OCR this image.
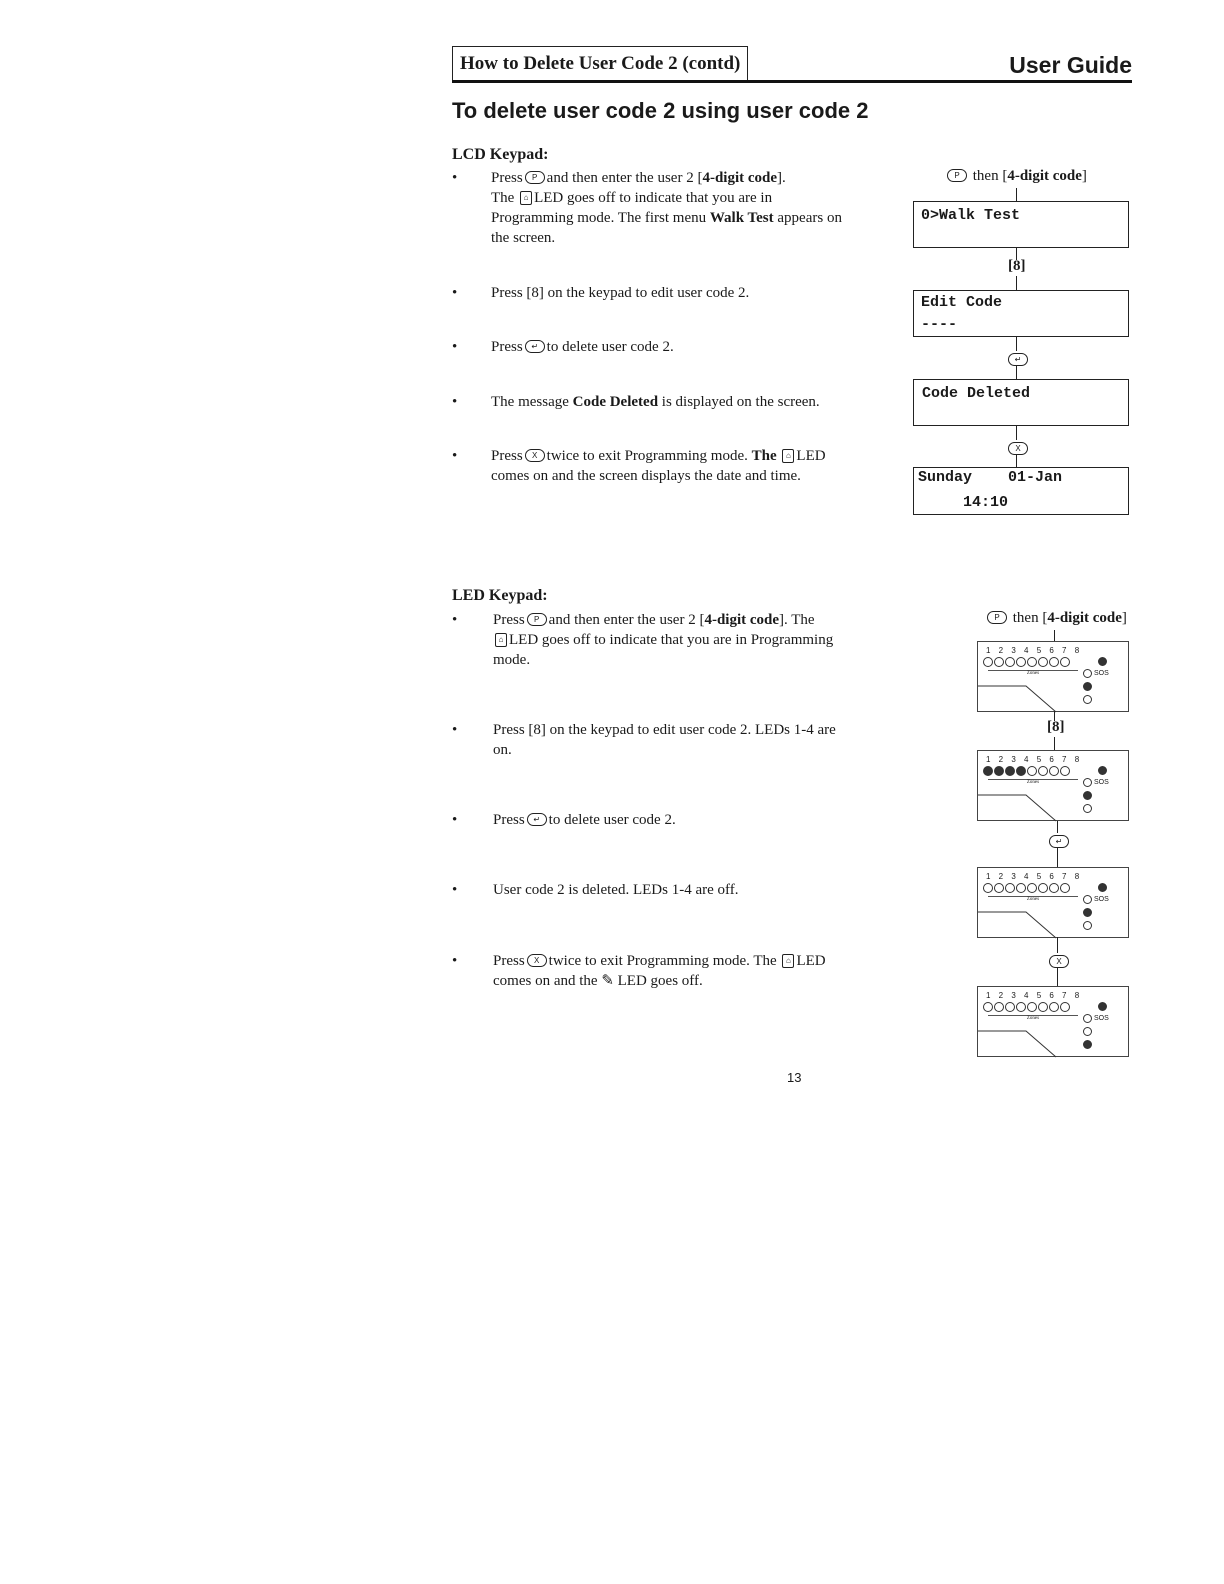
How to Delete User Code 2 (contd)	User Guide
To delete user code 2 using user code 2
LCD Keypad:
• Press P and then enter the user 2 [4-digit code].
The ⌂ LED goes off to indicate that you are in
Programming mode. The first menu Walk Test appears on
the screen.
• Press [8] on the keypad to edit user code 2.
• Press ↵ to delete user code 2.
• The message Code Deleted is displayed on the screen.
• Press X twice to exit Programming mode. The ⌂ LED
comes on and the screen displays the date and time.
P then [4-digit code]
0>Walk Test
[8]
Edit Code
----
↵
Code Deleted
X
Sunday    01-Jan
14:10
LED Keypad:
• Press P and then enter the user 2 [4-digit code]. The
⌂ LED goes off to indicate that you are in Programming
mode.
• Press [8] on the keypad to edit user code 2. LEDs 1-4 are
on.
• Press ↵ to delete user code 2.
• User code 2 is deleted. LEDs 1-4 are off.
• Press X twice to exit Programming mode. The ⌂ LED
comes on and the ✎ LED goes off.
P then [4-digit code]
1 2 3 4 5 6 7 8
Zones	SOS
1 2 3 4 5 6 7 8
Zones	SOS
1 2 3 4 5 6 7 8
Zones	SOS
1 2 3 4 5 6 7 8
Zones	SOS
[8]
↵
X
13
